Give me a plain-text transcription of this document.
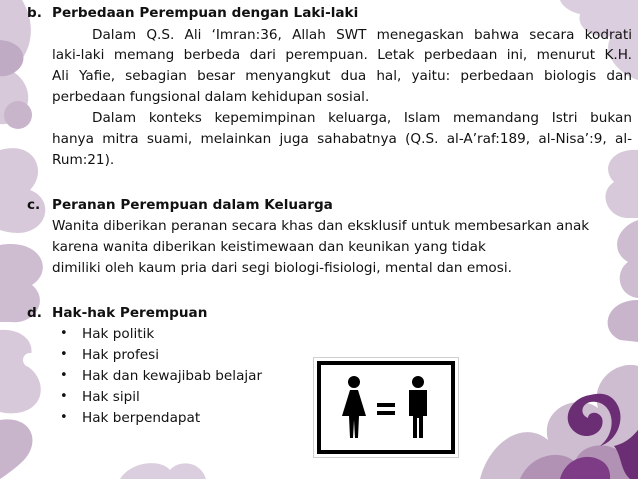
b. Perbedaan Perempuan dengan Laki-laki
Dalam Q.S. Ali ‘Imran:36, Allah SWT menegaskan bahwa secara kodrati
laki-laki memang berbeda dari perempuan. Letak perbedaan ini, menurut K.H.
Ali Yafie, sebagian besar menyangkut dua hal, yaitu: perbedaan biologis dan
perbedaan fungsional dalam kehidupan sosial.
Dalam konteks kepemimpinan keluarga, Islam memandang Istri bukan
hanya mitra suami, melainkan juga sahabatnya (Q.S. al-A’raf:189, al-Nisa’:9, al-
Rum:21).
c. Peranan Perempuan dalam Keluarga
Wanita diberikan peranan secara khas dan eksklusif untuk membesarkan anak
karena wanita diberikan keistimewaan dan keunikan yang tidak
dimiliki oleh kaum pria dari segi biologi-fisiologi, mental dan emosi.
d. Hak-hak Perempuan
• Hak politik
• Hak profesi
• Hak dan kewajibab belajar
• Hak sipil
• Hak berpendapat
